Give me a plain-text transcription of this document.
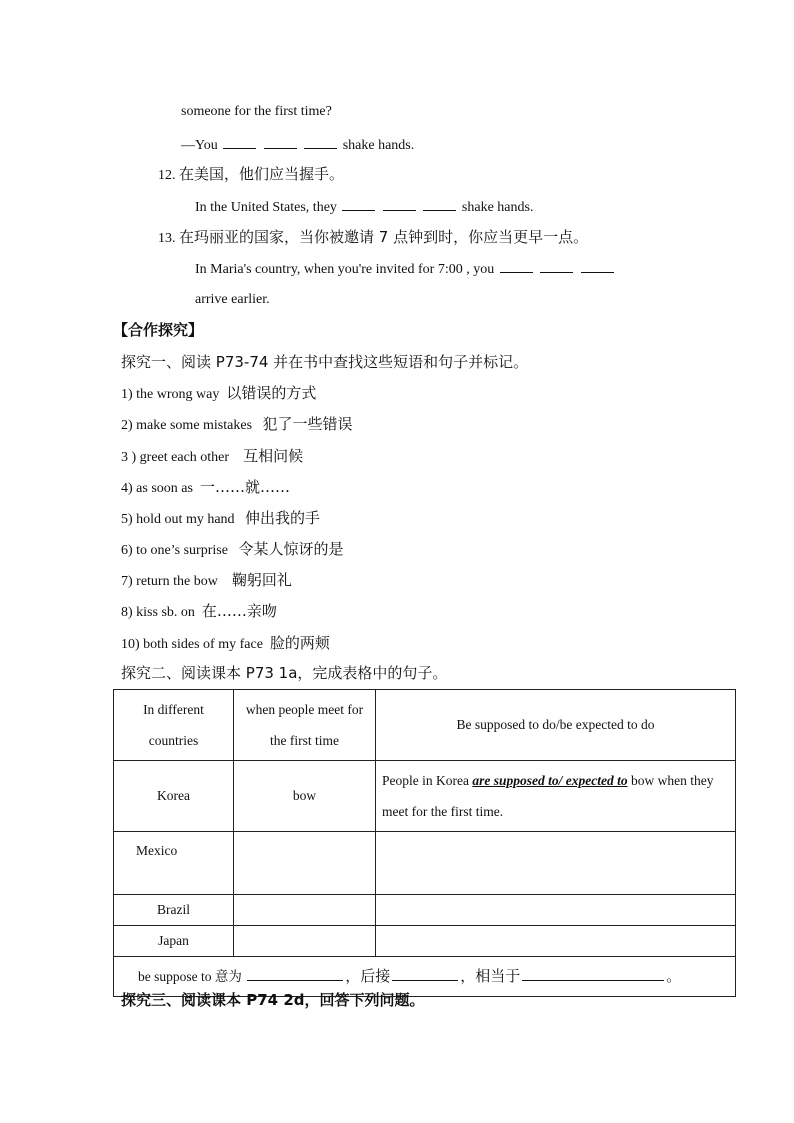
someone for the first time?
—You	shake hands.
12. 在美国，他们应当握手。
In the United States, they	shake hands.
13. 在玛丽亚的国家，当你被邀请 7 点钟到时，你应当更早一点。
In Maria's country, when you're invited for 7:00 , you
arrive earlier.
【合作探究】
探究一、阅读 P73-74 并在书中查找这些短语和句子并标记。
1) the wrong way 以错误的方式
2) make some mistakes 犯了一些错误
3 ) greet each other 互相问候
4) as soon as 一……就……
5) hold out my hand 伸出我的手
6) to one’s surprise 令某人惊讶的是
7) return the bow 鞠躬回礼
8) kiss sb. on 在……亲吻
10) both sides of my face 脸的两颊
探究二、阅读课本 P73 1a，完成表格中的句子。
In different countries	when people meet for the first time	Be supposed to do/be expected to do
Korea	bow	People in Korea are supposed to/ expected to bow when they meet for the first time.
Mexico		
Brazil		
Japan		
be suppose to 意为 ，后接 ，相当于 。		
探究三、阅读课本 P74 2d，回答下列问题。
